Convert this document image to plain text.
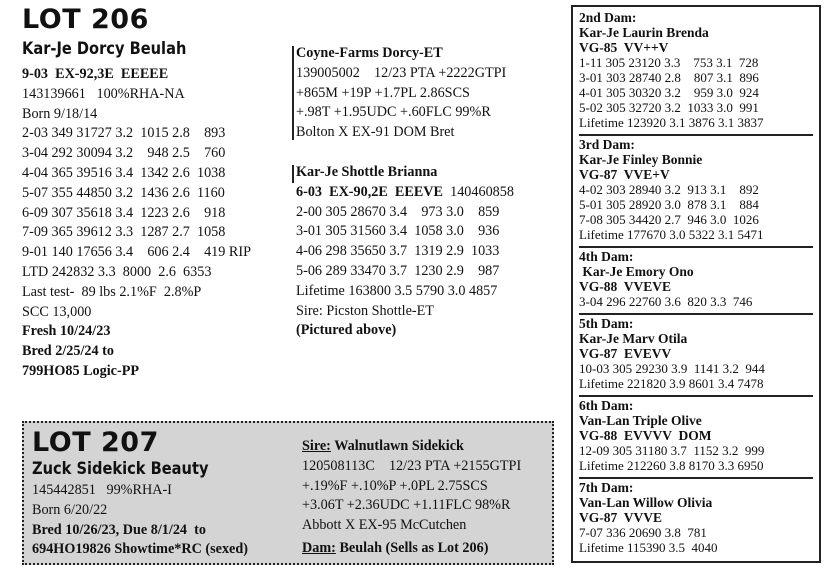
LOT 206
Kar-Je Dorcy Beulah

9-03  EX-92,3E  EEEEE

143139661   100%RHA-NA

Born 9/18/14

2-03 349 31727 3.2  1015 2.8    893

3-04 292 30094 3.2    948 2.5    760

4-04 365 39516 3.4  1342 2.6  1038

5-07 355 44850 3.2  1436 2.6  1160

6-09 307 35618 3.4  1223 2.6    918

7-09 365 39612 3.3  1287 2.7  1058

9-01 140 17656 3.4    606 2.4    419 RIP

LTD 242832 3.3  8000  2.6  6353

Last test-  89 lbs 2.1%F  2.8%P

SCC 13,000

Fresh 10/24/23

Bred 2/25/24 to

799HO85 Logic-PP

Coyne-Farms Dorcy-ET

139005002    12/23 PTA +2222GTPI

+865M +19P +1.7PL 2.86SCS

+.98T +1.95UDC +.60FLC 99%R

Bolton X EX-91 DOM Bret

Kar-Je Shottle Brianna

6-03  EX-90,2E  EEEVE  140460858

2-00 305 28670 3.4    973 3.0    859

3-01 305 31560 3.4  1058 3.0    936

4-06 298 35650 3.7  1319 2.9  1033

5-06 289 33470 3.7  1230 2.9    987

Lifetime 163800 3.5 5790 3.0 4857

Sire: Picston Shottle-ET

(Pictured above)

LOT 207
Zuck Sidekick Beauty

145442851   99%RHA-I

Born 6/20/22

Bred 10/26/23, Due 8/1/24  to

694HO19826 Showtime*RC (sexed)

Sire: Walnutlawn Sidekick

120508113C    12/23 PTA +2155GTPI

+.19%F +.10%P +.0PL 2.75SCS

+3.06T +2.36UDC +1.11FLC 98%R

Abbott X EX-95 McCutchen

Dam: Beulah (Sells as Lot 206)

2nd Dam:

Kar-Je Laurin Brenda

VG-85  VV++V

1-11 305 23120 3.3    753 3.1  728

3-01 303 28740 2.8    807 3.1  896

4-01 305 30320 3.2    959 3.0  924

5-02 305 32720 3.2  1033 3.0  991

Lifetime 123920 3.1 3876 3.1 3837

3rd Dam:

Kar-Je Finley Bonnie

VG-87  VVE+V

4-02 303 28940 3.2  913 3.1    892

5-01 305 28920 3.0  878 3.1    884

7-08 305 34420 2.7  946 3.0  1026

Lifetime 177670 3.0 5322 3.1 5471

4th Dam:

Kar-Je Emory Ono

VG-88  VVEVE

3-04 296 22760 3.6  820 3.3  746

5th Dam:

Kar-Je Marv Otila

VG-87  EVEVV

10-03 305 29230 3.9  1141 3.2  944

Lifetime 221820 3.9 8601 3.4 7478

6th Dam:

Van-Lan Triple Olive

VG-88  EVVVV  DOM

12-09 305 31180 3.7  1152 3.2  999

Lifetime 212260 3.8 8170 3.3 6950

7th Dam:

Van-Lan Willow Olivia

VG-87  VVVE

7-07 336 20690 3.8  781

Lifetime 115390 3.5  4040
